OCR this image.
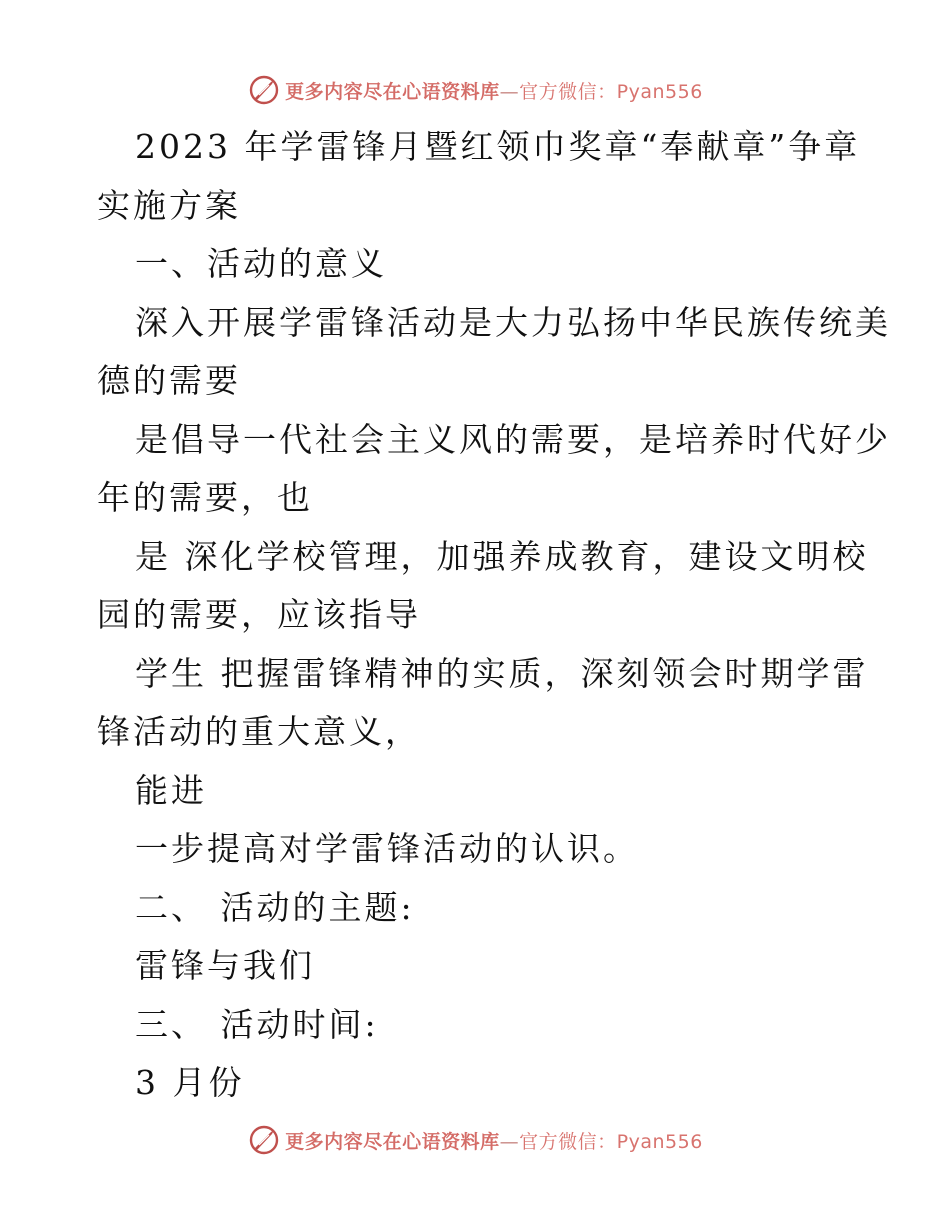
更多内容尽在心语资料库—官方微信：Pyan556
2023 年学雷锋月暨红领巾奖章“奉献章”争章
实施方案
一、活动的意义
深入开展学雷锋活动是大力弘扬中华民族传统美
德的需要
是倡导一代社会主义风的需要，是培养时代好少
年的需要，也
是 深化学校管理，加强养成教育，建设文明校
园的需要，应该指导
学生 把握雷锋精神的实质，深刻领会时期学雷
锋活动的重大意义，
能进
一步提高对学雷锋活动的认识。
二、 活动的主题:
雷锋与我们
三、 活动时间:
3 月份
更多内容尽在心语资料库—官方微信：Pyan556
